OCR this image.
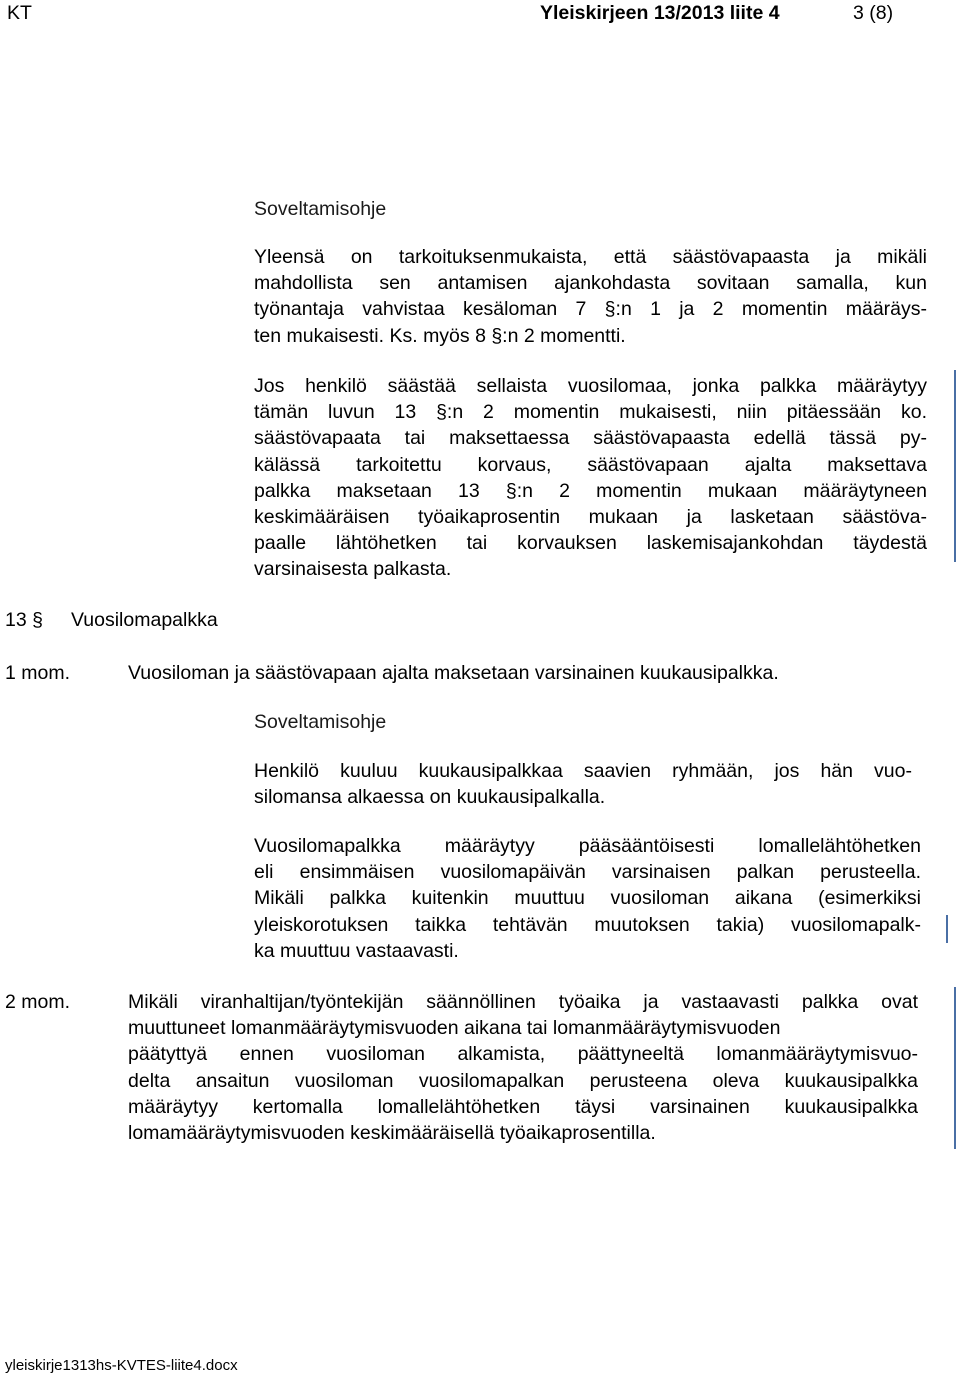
KT	Yleiskirjeen 13/2013 liite 4	3 (8)
Soveltamisohje
Yleensä on tarkoituksenmukaista, että säästövapaasta ja mikäli
mahdollista sen antamisen ajankohdasta sovitaan samalla, kun
työnantaja vahvistaa kesäloman 7 §:n 1 ja 2 momentin määräys-
ten mukaisesti. Ks. myös 8 §:n 2 momentti.
Jos henkilö säästää sellaista vuosilomaa, jonka palkka määräytyy
tämän luvun 13 §:n 2 momentin mukaisesti, niin pitäessään ko.
säästövapaata tai maksettaessa säästövapaasta edellä tässä py-
kälässä tarkoitettu korvaus, säästövapaan ajalta maksettava
palkka maksetaan 13 §:n 2 momentin mukaan määräytyneen
keskimääräisen työaikaprosentin mukaan ja lasketaan säästöva-
paalle lähtöhetken tai korvauksen laskemisajankohdan täydestä
varsinaisesta palkasta.
13 § Vuosilomapalkka
1 mom.	Vuosiloman ja säästövapaan ajalta maksetaan varsinainen kuukausipalkka.
Soveltamisohje
Henkilö kuuluu kuukausipalkkaa saavien ryhmään, jos hän vuo-
silomansa alkaessa on kuukausipalkalla.
Vuosilomapalkka määräytyy pääsääntöisesti lomallelähtöhetken
eli ensimmäisen vuosilomapäivän varsinaisen palkan perusteella.
Mikäli palkka kuitenkin muuttuu vuosiloman aikana (esimerkiksi
yleiskorotuksen taikka tehtävän muutoksen takia) vuosilomapalk-
ka muuttuu vastaavasti.
2 mom.	Mikäli viranhaltijan/työntekijän säännöllinen työaika ja vastaavasti palkka ovat
muuttuneet lomanmääräytymisvuoden aikana tai lomanmääräytymisvuoden
päätyttyä ennen vuosiloman alkamista, päättyneeltä lomanmääräytymisvuo-
delta ansaitun vuosiloman vuosilomapalkan perusteena oleva kuukausipalkka
määräytyy kertomalla lomallelähtöhetken täysi varsinainen kuukausipalkka
lomamääräytymisvuoden keskimääräisellä työaikaprosentilla.
yleiskirje1313hs-KVTES-liite4.docx
